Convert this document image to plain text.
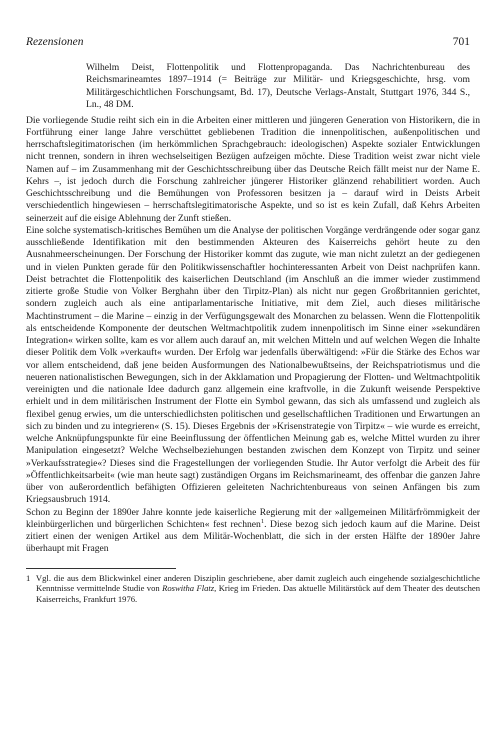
Rezensionen	701
Wilhelm Deist, Flottenpolitik und Flottenpropaganda. Das Nachrichtenbureau des Reichsmarineamtes 1897–1914 (= Beiträge zur Militär- und Kriegsgeschichte, hrsg. vom Militärgeschichtlichen Forschungsamt, Bd. 17), Deutsche Verlags-Anstalt, Stuttgart 1976, 344 S., Ln., 48 DM.

Die vorliegende Studie reiht sich ein in die Arbeiten einer mittleren und jüngeren Generation von Historikern, die in Fortführung einer lange Jahre verschüttet gebliebenen Tradition die innenpolitischen, außenpolitischen und herrschaftslegitimatorischen (im herkömmlichen Sprachgebrauch: ideologischen) Aspekte sozialer Entwicklungen nicht trennen, sondern in ihren wechselseitigen Bezügen aufzeigen möchte. Diese Tradition weist zwar nicht viele Namen auf – im Zusammenhang mit der Geschichtsschreibung über das Deutsche Reich fällt meist nur der Name E. Kehrs –, ist jedoch durch die Forschung zahlreicher jüngerer Historiker glänzend rehabilitiert worden. Auch Geschichtsschreibung und die Bemühungen von Professoren besitzen ja – darauf wird in Deists Arbeit verschiedentlich hingewiesen – herrschaftslegitimatorische Aspekte, und so ist es kein Zufall, daß Kehrs Arbeiten seinerzeit auf die eisige Ablehnung der Zunft stießen.

Eine solche systematisch-kritisches Bemühen um die Analyse der politischen Vorgänge verdrängende oder sogar ganz ausschließende Identifikation mit den bestimmenden Akteuren des Kaiserreichs gehört heute zu den Ausnahmeerscheinungen. Der Forschung der Historiker kommt das zugute, wie man nicht zuletzt an der gediegenen und in vielen Punkten gerade für den Politikwissenschaftler hochinteressanten Arbeit von Deist nachprüfen kann. Deist betrachtet die Flottenpolitik des kaiserlichen Deutschland (im Anschluß an die immer wieder zustimmend zitierte große Studie von Volker Berghahn über den Tirpitz-Plan) als nicht nur gegen Großbritannien gerichtet, sondern zugleich auch als eine antiparlamentarische Initiative, mit dem Ziel, auch dieses militärische Machtinstrument – die Marine – einzig in der Verfügungsgewalt des Monarchen zu belassen. Wenn die Flottenpolitik als entscheidende Komponente der deutschen Weltmachtpolitik zudem innenpolitisch im Sinne einer »sekundären Integration« wirken sollte, kam es vor allem auch darauf an, mit welchen Mitteln und auf welchen Wegen die Inhalte dieser Politik dem Volk »verkauft« wurden. Der Erfolg war jedenfalls überwältigend: »Für die Stärke des Echos war vor allem entscheidend, daß jene beiden Ausformungen des Nationalbewußtseins, der Reichspatriotismus und die neueren nationalistischen Bewegungen, sich in der Akklamation und Propagierung der Flotten- und Weltmachtpolitik vereinigten und die nationale Idee dadurch ganz allgemein eine kraftvolle, in die Zukunft weisende Perspektive erhielt und in dem militärischen Instrument der Flotte ein Symbol gewann, das sich als umfassend und zugleich als flexibel genug erwies, um die unterschiedlichsten politischen und gesellschaftlichen Traditionen und Erwartungen an sich zu binden und zu integrieren« (S. 15). Dieses Ergebnis der »Krisenstrategie von Tirpitz« – wie wurde es erreicht, welche Anknüpfungspunkte für eine Beeinflussung der öffentlichen Meinung gab es, welche Mittel wurden zu ihrer Manipulation eingesetzt? Welche Wechselbeziehungen bestanden zwischen dem Konzept von Tirpitz und seiner »Verkaufsstrategie«? Dieses sind die Fragestellungen der vorliegenden Studie. Ihr Autor verfolgt die Arbeit des für »Öffentlichkeitsarbeit« (wie man heute sagt) zuständigen Organs im Reichsmarineamt, des offenbar die ganzen Jahre über von außerordentlich befähigten Offizieren geleiteten Nachrichtenbureaus von seinen Anfängen bis zum Kriegsausbruch 1914.

Schon zu Beginn der 1890er Jahre konnte jede kaiserliche Regierung mit der »allgemeinen Militärfrömmigkeit der kleinbürgerlichen und bürgerlichen Schichten« fest rechnen$^1$. Diese bezog sich jedoch kaum auf die Marine. Deist zitiert einen der wenigen Artikel aus dem Militär-Wochenblatt, die sich in der ersten Hälfte der 1890er Jahre überhaupt mit Fragen

1 Vgl. die aus dem Blickwinkel einer anderen Disziplin geschriebene, aber damit zugleich auch eingehende sozialgeschichtliche Kenntnisse vermittelnde Studie von Roswitha Flatz, Krieg im Frieden. Das aktuelle Militärstück auf dem Theater des deutschen Kaiserreichs, Frankfurt 1976.
